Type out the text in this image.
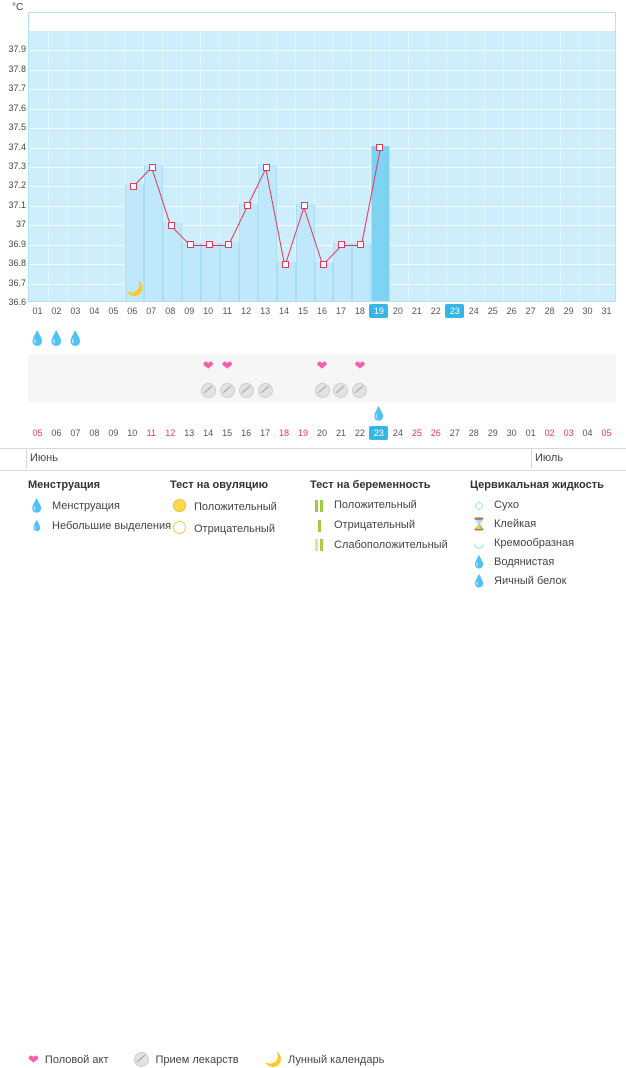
°C
🌙
37.9
37.8
37.7
37.6
37.5
37.4
37.3
37.2
37.1
37
36.9
36.8
36.7
36.6
01 02 03 04 05 06 07 08 09 10	11	12 13 14 15 16 17 18 19 20 21 22 23 24 25 26 27 28 29 30 31
💧 💧 💧
❤ ❤	❤	❤
💧
05 06 07 08 09 10	11	12 13 14 15 16 17 18 19 20 21 22 23 24 25 26 27 28 29 30 01 02 03 04 05
Июнь	Июль
Менструация
💧 Менструация
💧 Небольшие выделения
Тест на овуляцию
Положительный
Отрицательный
Тест на беременность
Положительный
Отрицательный
Слабоположительный
Цервикальная жидкость
◇ Сухо
⌛ Клейкая
◡ Кремообразная
💧 Водянистая
💧 Яичный белок
❤ Половой акт	Прием лекарств 🌙 Лунный календарь
